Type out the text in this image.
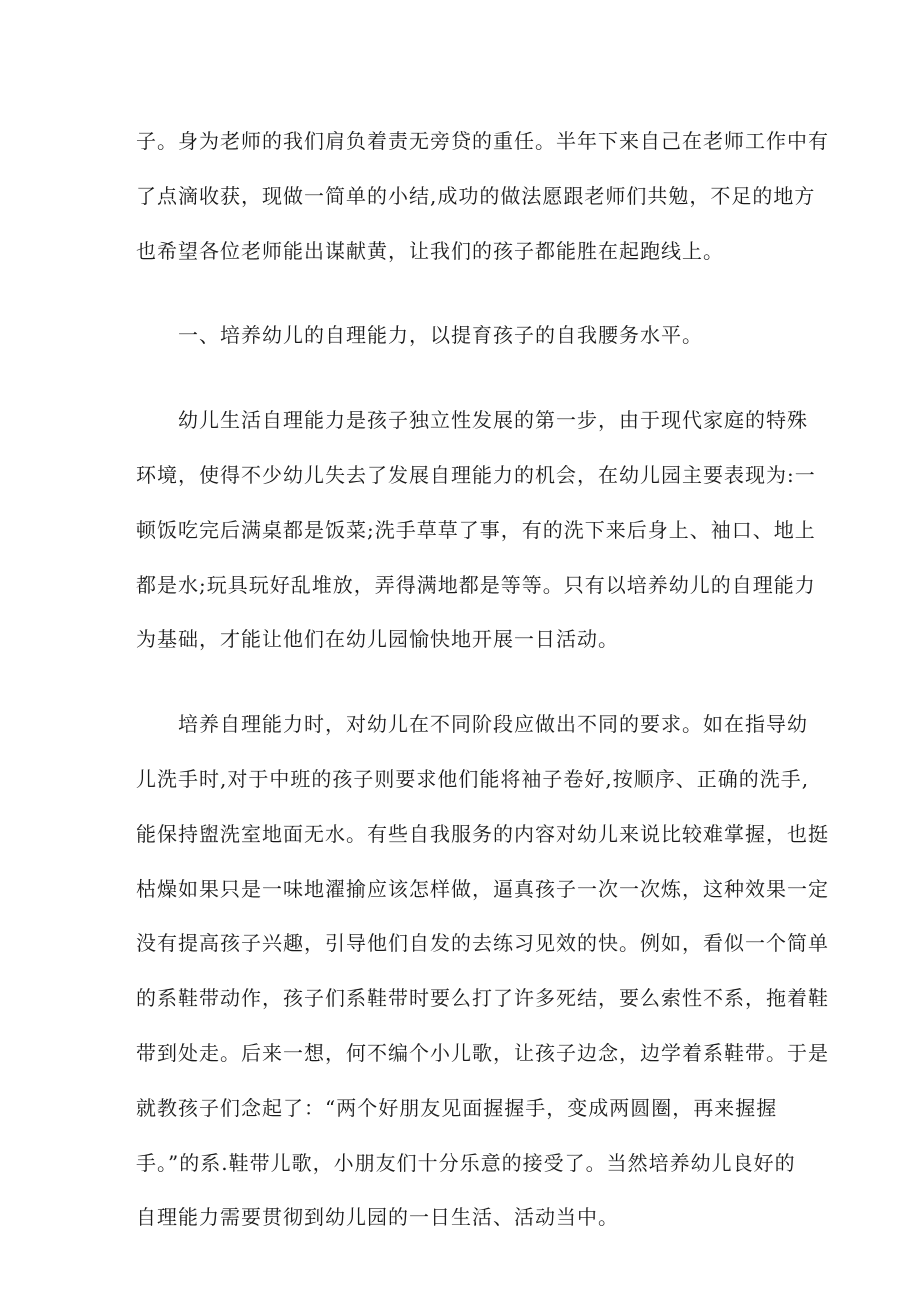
子。身为老师的我们肩负着责无旁贷的重任。半年下来自己在老师工作中有
了点滴收获，现做一简单的小结,成功的做法愿跟老师们共勉，不足的地方
也希望各位老师能出谋献黄，让我们的孩子都能胜在起跑线上。
　　一、培养幼儿的自理能力，以提育孩子的自我腰务水平。
　　幼儿生活自理能力是孩子独立性发展的第一步，由于现代家庭的特殊
环境，使得不少幼儿失去了发展自理能力的机会，在幼儿园主要表现为:一
顿饭吃完后满桌都是饭菜;洗手草草了事，有的洗下来后身上、袖口、地上
都是水;玩具玩好乱堆放，弄得满地都是等等。只有以培养幼儿的自理能力
为基础，才能让他们在幼儿园愉快地开展一日活动。
　　培养自理能力时，对幼儿在不同阶段应做出不同的要求。如在指导幼
儿洗手时,对于中班的孩子则要求他们能将袖子卷好,按顺序、正确的洗手,
能保持盥洗室地面无水。有些自我服务的内容对幼儿来说比较难掌握，也挺
枯燥如果只是一味地濯揄应该怎样做，逼真孩子一次一次炼，这种效果一定
没有提高孩子兴趣，引导他们自发的去练习见效的快。例如，看似一个简单
的系鞋带动作，孩子们系鞋带时要么打了许多死结，要么索性不系，拖着鞋
带到处走。后来一想，何不编个小儿歌，让孩子边念，边学着系鞋带。于是
就教孩子们念起了：“两个好朋友见面握握手，变成两圆圈，再来握握
手。”的系.鞋带儿歌，小朋友们十分乐意的接受了。当然培养幼儿良好的
自理能力需要贯彻到幼儿园的一日生活、活动当中。
